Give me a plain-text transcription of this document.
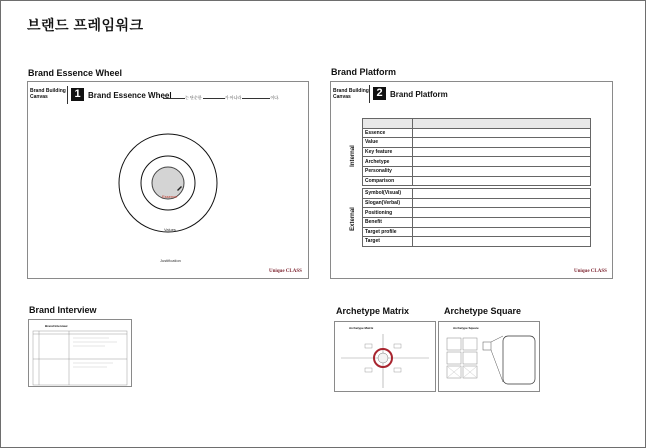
브랜드 프레임워크
Brand Essence Wheel
Brand Building
Canvas	1 Brand Essence Wheel	는 단순한	가 아니라	이다.
Essence
Values
Justification
Unique CLASS
Brand Platform
Brand Building
Canvas	2 Brand Platform
Internal
External

Essence	
Value	
Key feature	
Archetype	
Personality	
Comparison	

Symbol(Visual)	
Slogan(Verbal)	
Positioning	
Benefit	
Target profile	
Target	
Unique CLASS
Brand Interview
Brand Interview
Archetype Matrix
Archetype Matrix
Archetype Square
Archetype Square
